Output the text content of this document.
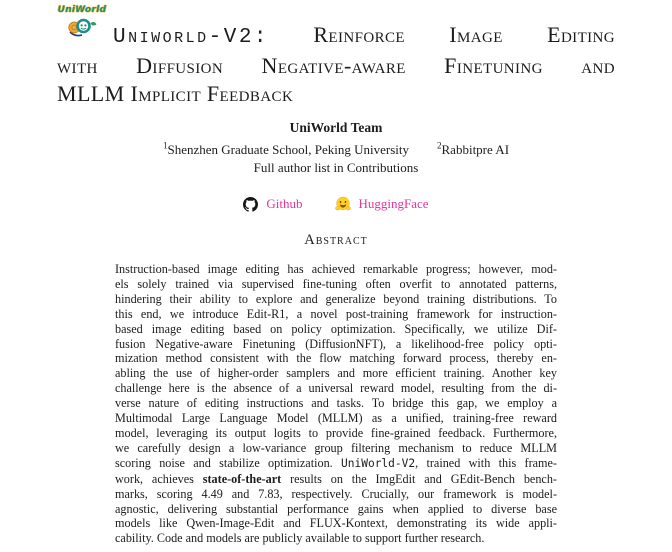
UniWorld
Uniworld-V2: Reinforce Image Editing
with Diffusion Negative-aware Finetuning and
MLLM Implicit Feedback
UniWorld Team
$^1$Shenzhen Graduate School, Peking University	$^2$Rabbitpre AI
Full author list in Contributions
Github	HuggingFace
Abstract
Instruction-based image editing has achieved remarkable progress; however, mod-
els solely trained via supervised fine-tuning often overfit to annotated patterns,
hindering their ability to explore and generalize beyond training distributions. To
this end, we introduce Edit-R1, a novel post-training framework for instruction-
based image editing based on policy optimization. Specifically, we utilize Dif-
fusion Negative-aware Finetuning (DiffusionNFT), a likelihood-free policy opti-
mization method consistent with the flow matching forward process, thereby en-
abling the use of higher-order samplers and more efficient training. Another key
challenge here is the absence of a universal reward model, resulting from the di-
verse nature of editing instructions and tasks. To bridge this gap, we employ a
Multimodal Large Language Model (MLLM) as a unified, training-free reward
model, leveraging its output logits to provide fine-grained feedback. Furthermore,
we carefully design a low-variance group filtering mechanism to reduce MLLM
scoring noise and stabilize optimization. UniWorld-V2, trained with this frame-
work, achieves state-of-the-art results on the ImgEdit and GEdit-Bench bench-
marks, scoring 4.49 and 7.83, respectively. Crucially, our framework is model-
agnostic, delivering substantial performance gains when applied to diverse base
models like Qwen-Image-Edit and FLUX-Kontext, demonstrating its wide appli-
cability. Code and models are publicly available to support further research.
